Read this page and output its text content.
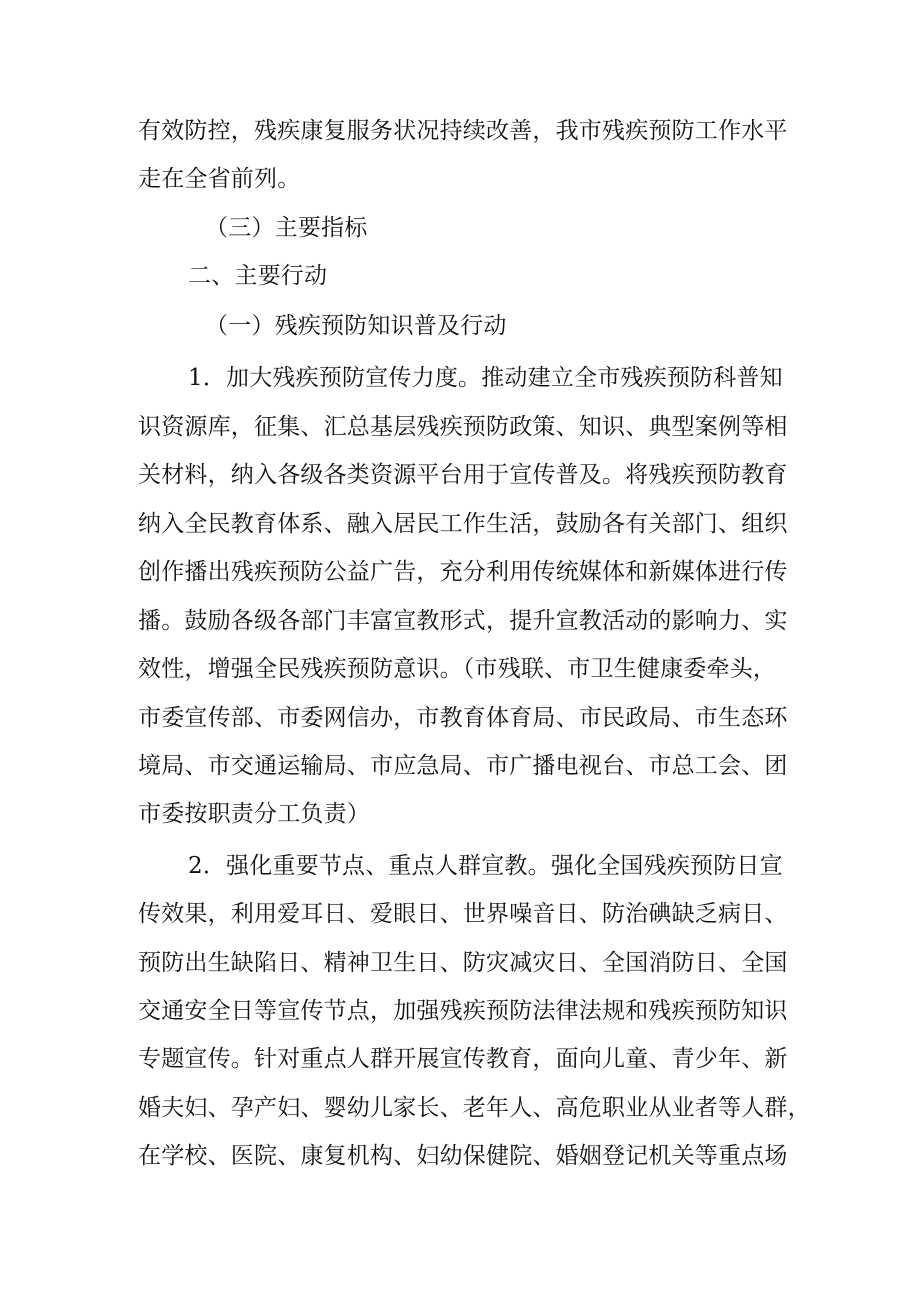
有效防控，残疾康复服务状况持续改善，我市残疾预防工作水平
走在全省前列。
（三）主要指标
二、主要行动
（一）残疾预防知识普及行动
1．加大残疾预防宣传力度。推动建立全市残疾预防科普知
识资源库，征集、汇总基层残疾预防政策、知识、典型案例等相
关材料，纳入各级各类资源平台用于宣传普及。将残疾预防教育
纳入全民教育体系、融入居民工作生活，鼓励各有关部门、组织
创作播出残疾预防公益广告，充分利用传统媒体和新媒体进行传
播。鼓励各级各部门丰富宣教形式，提升宣教活动的影响力、实
效性，增强全民残疾预防意识。（市残联、市卫生健康委牵头，
市委宣传部、市委网信办，市教育体育局、市民政局、市生态环
境局、市交通运输局、市应急局、市广播电视台、市总工会、团
市委按职责分工负责）
2．强化重要节点、重点人群宣教。强化全国残疾预防日宣
传效果，利用爱耳日、爱眼日、世界噪音日、防治碘缺乏病日、
预防出生缺陷日、精神卫生日、防灾减灾日、全国消防日、全国
交通安全日等宣传节点，加强残疾预防法律法规和残疾预防知识
专题宣传。针对重点人群开展宣传教育，面向儿童、青少年、新
婚夫妇、孕产妇、婴幼儿家长、老年人、高危职业从业者等人群，
在学校、医院、康复机构、妇幼保健院、婚姻登记机关等重点场
